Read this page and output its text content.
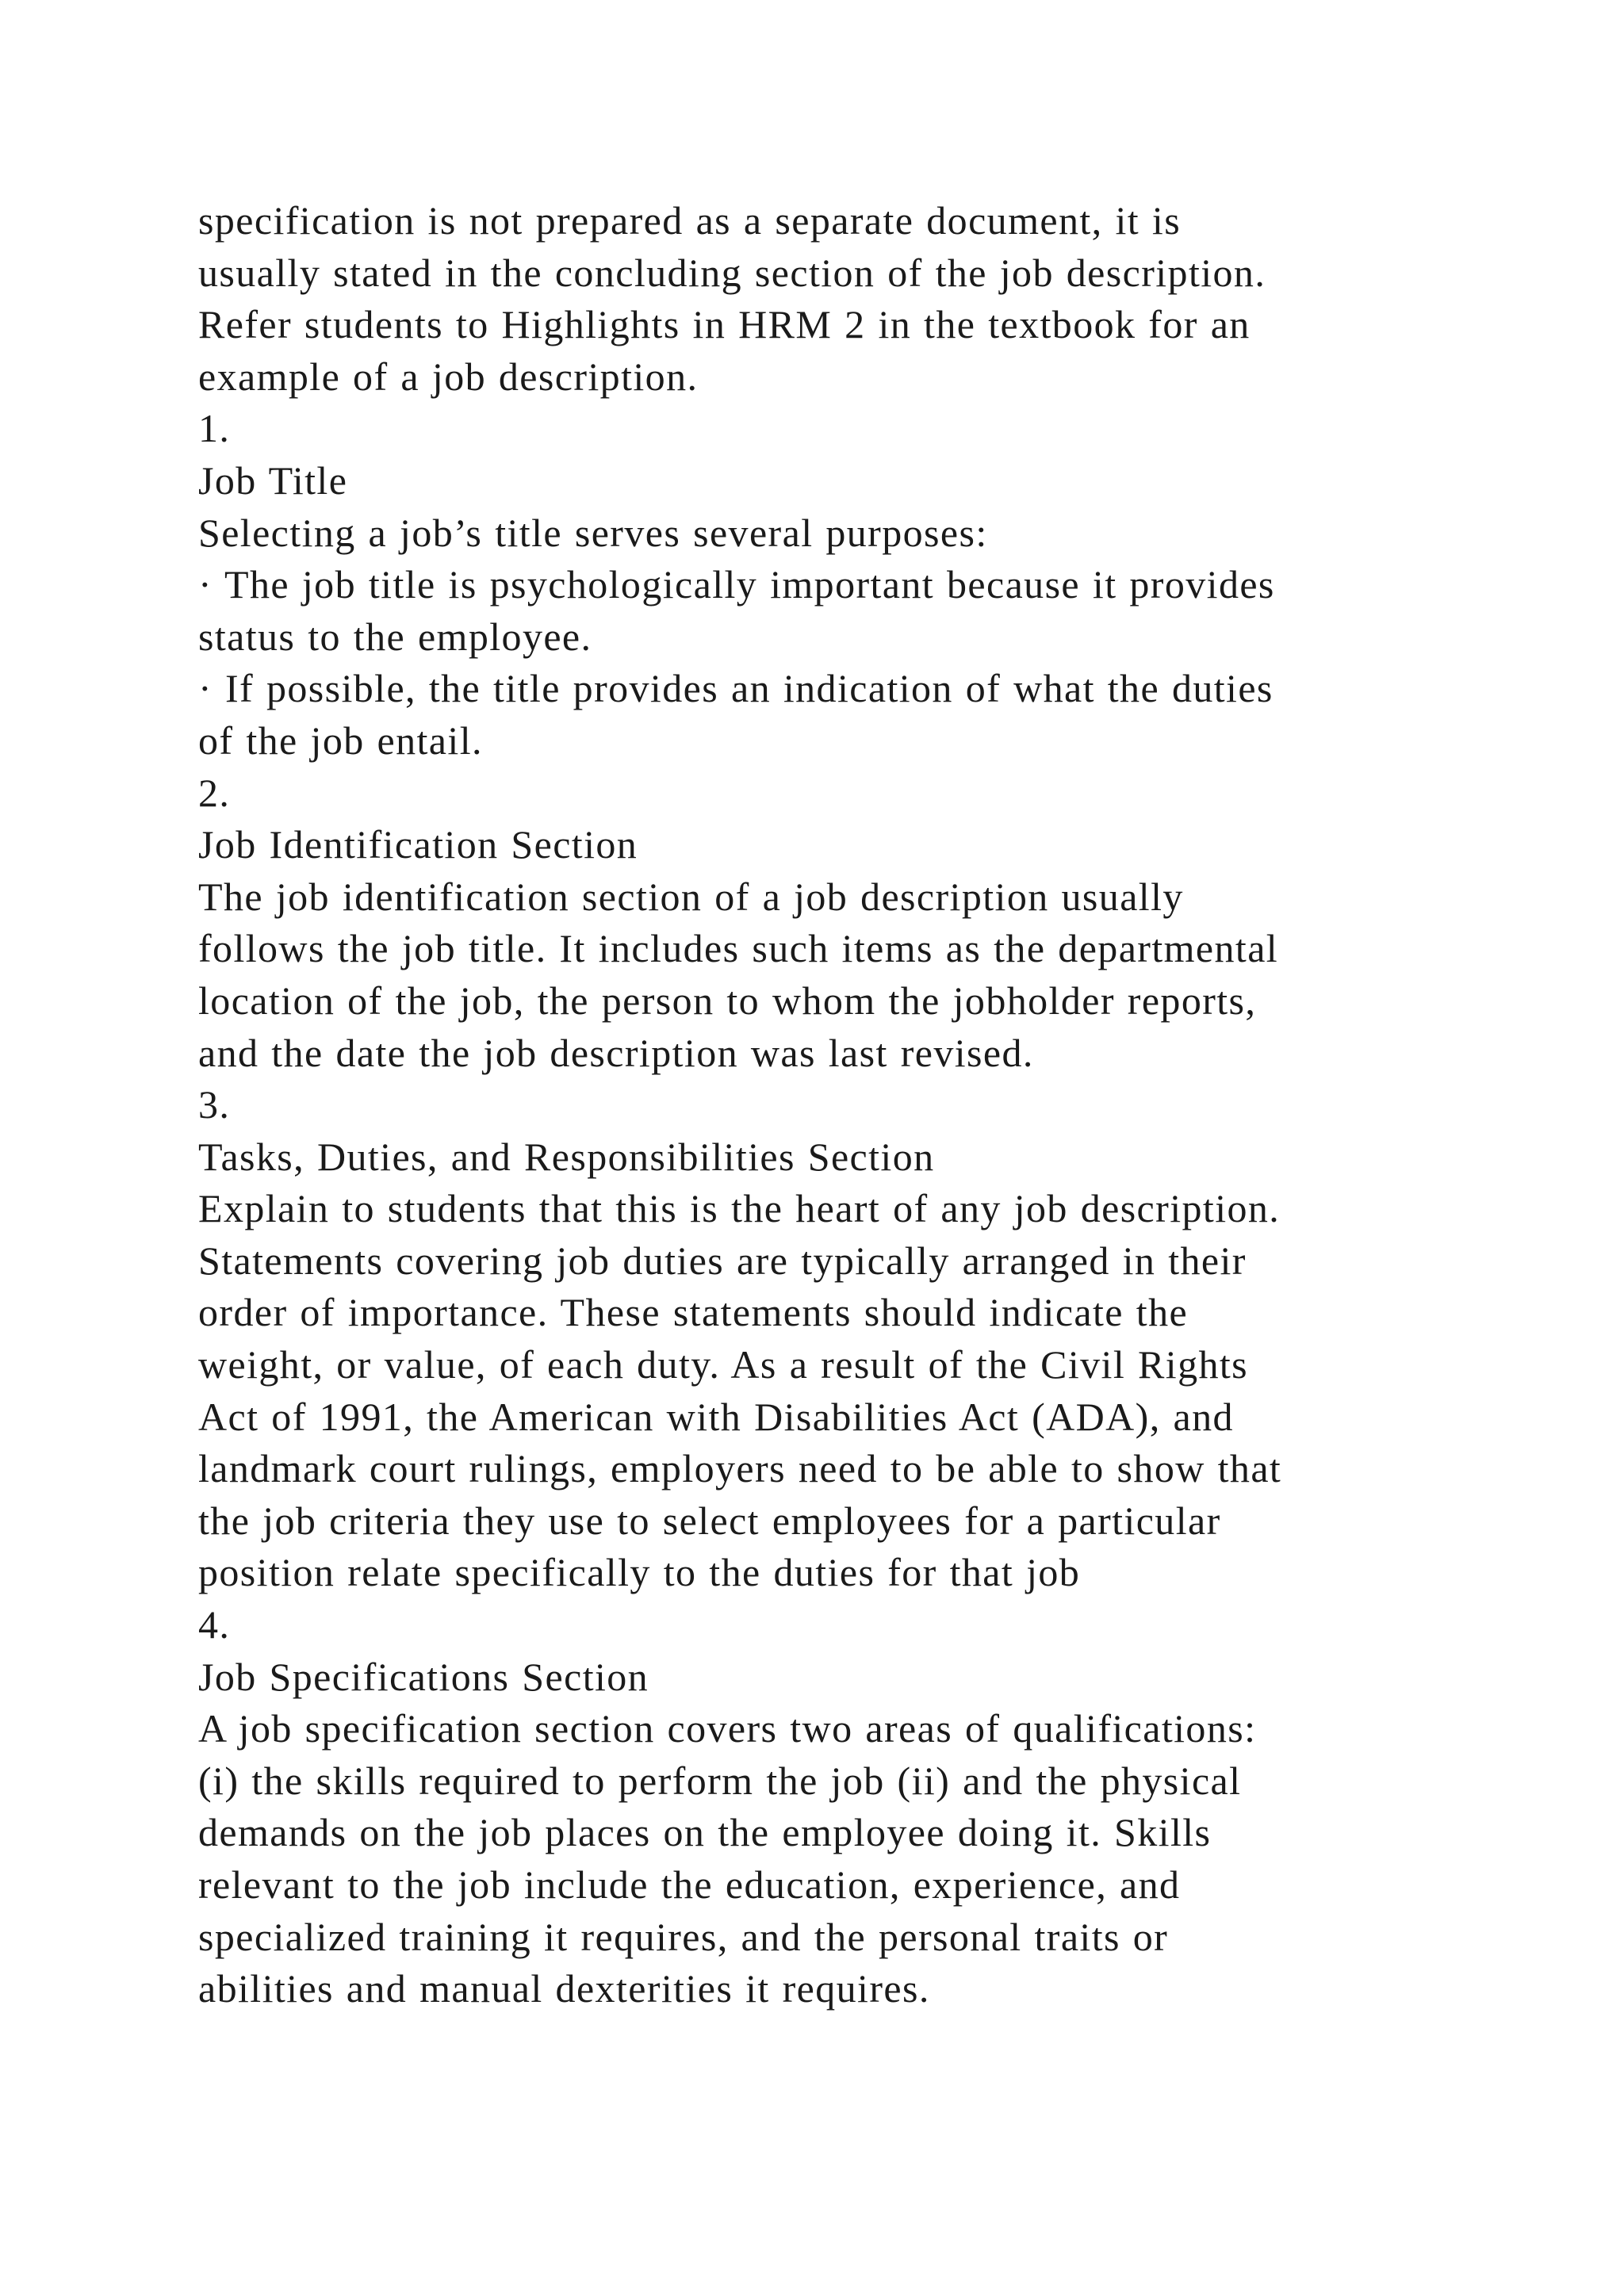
specification is not prepared as a separate document, it is
usually stated in the concluding section of the job description.
Refer students to Highlights in HRM 2 in the textbook for an
example of a job description.
1.
Job Title
Selecting a job’s title serves several purposes:
· The job title is psychologically important because it provides
status to the employee.
· If possible, the title provides an indication of what the duties
of the job entail.
2.
Job Identification Section
The job identification section of a job description usually
follows the job title. It includes such items as the departmental
location of the job, the person to whom the jobholder reports,
and the date the job description was last revised.
3.
Tasks, Duties, and Responsibilities Section
Explain to students that this is the heart of any job description.
Statements covering job duties are typically arranged in their
order of importance. These statements should indicate the
weight, or value, of each duty. As a result of the Civil Rights
Act of 1991, the American with Disabilities Act (ADA), and
landmark court rulings, employers need to be able to show that
the job criteria they use to select employees for a particular
position relate specifically to the duties for that job
4.
Job Specifications Section
A job specification section covers two areas of qualifications:
(i) the skills required to perform the job (ii) and the physical
demands on the job places on the employee doing it. Skills
relevant to the job include the education, experience, and
specialized training it requires, and the personal traits or
abilities and manual dexterities it requires.
